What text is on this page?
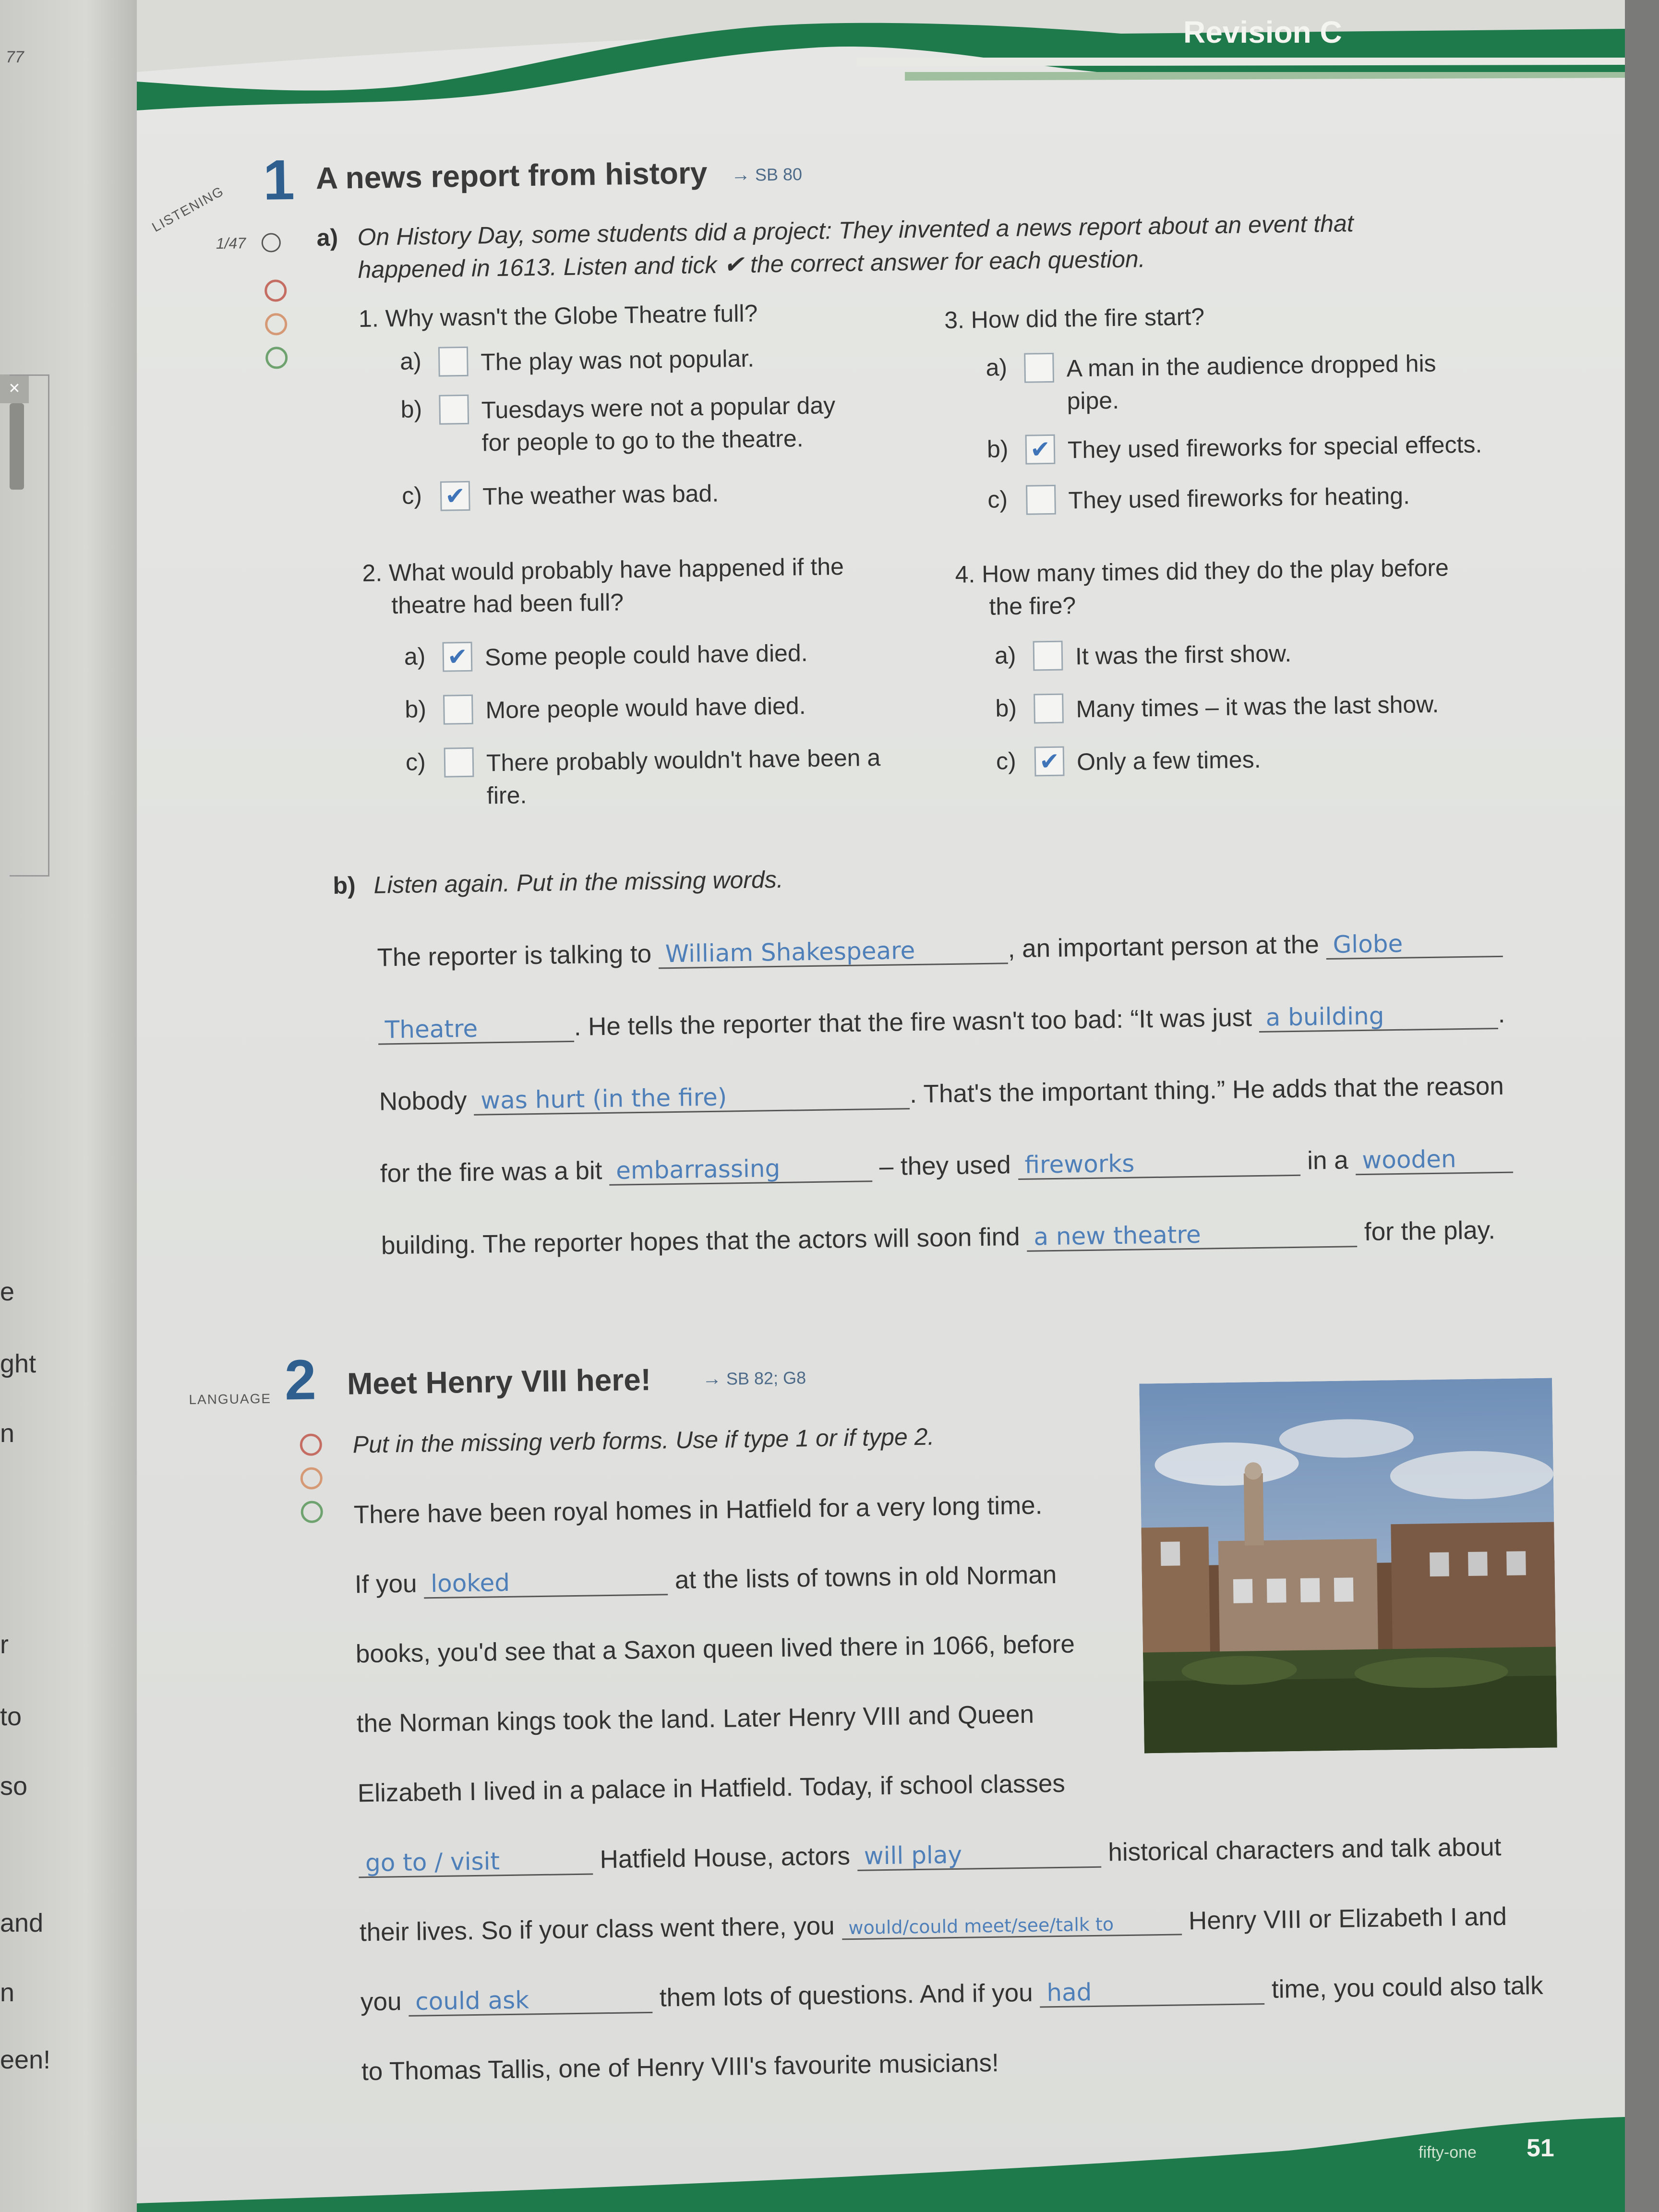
77
✕
e
ght
n
r
to
so
and
n
een!
Revision C
fifty-one 51
LISTENING 1 A news report from history → SB 80
1/47	a) On History Day, some students did a project: They invented a news report about an event that
happened in 1613. Listen and tick ✔ the correct answer for each question.
1. Why wasn't the Globe Theatre full?
a)	The play was not popular.
b)	Tuesdays were not a popular day for people to go to the theatre.
c) ✔ The weather was bad.
2. What would probably have happened if the
theatre had been full?
a) ✔ Some people could have died.
b)	More people would have died.
c)	There probably wouldn't have been a fire.
3. How did the fire start?
a)	A man in the audience dropped his pipe.
b) ✔ They used fireworks for special effects.
c)	They used fireworks for heating.
4. How many times did they do the play before
the fire?
a)	It was the first show.
b)	Many times – it was the last show.
c) ✔ Only a few times.
b) Listen again. Put in the missing words.
The reporter is talking to William Shakespeare	, an important person at the Globe
Theatre	. He tells the reporter that the fire wasn't too bad: “It was just a building	.
Nobody was hurt (in the fire)	. That's the important thing.” He adds that the reason
for the fire was a bit embarrassing	– they used fireworks	in a wooden
building. The reporter hopes that the actors will soon find a new theatre	for the play.
LANGUAGE 2 Meet Henry VIII here!	→ SB 82; G8
Put in the missing verb forms. Use if type 1 or if type 2.
There have been royal homes in Hatfield for a very long time.
If you looked	at the lists of towns in old Norman
books, you'd see that a Saxon queen lived there in 1066, before
the Norman kings took the land. Later Henry VIII and Queen
Elizabeth I lived in a palace in Hatfield. Today, if school classes
go to / visit	Hatfield House, actors will play	historical characters and talk about
their lives. So if your class went there, you would/could meet/see/talk to	Henry VIII or Elizabeth I and
you could ask	them lots of questions. And if you had	time, you could also talk
to Thomas Tallis, one of Henry VIII's favourite musicians!
